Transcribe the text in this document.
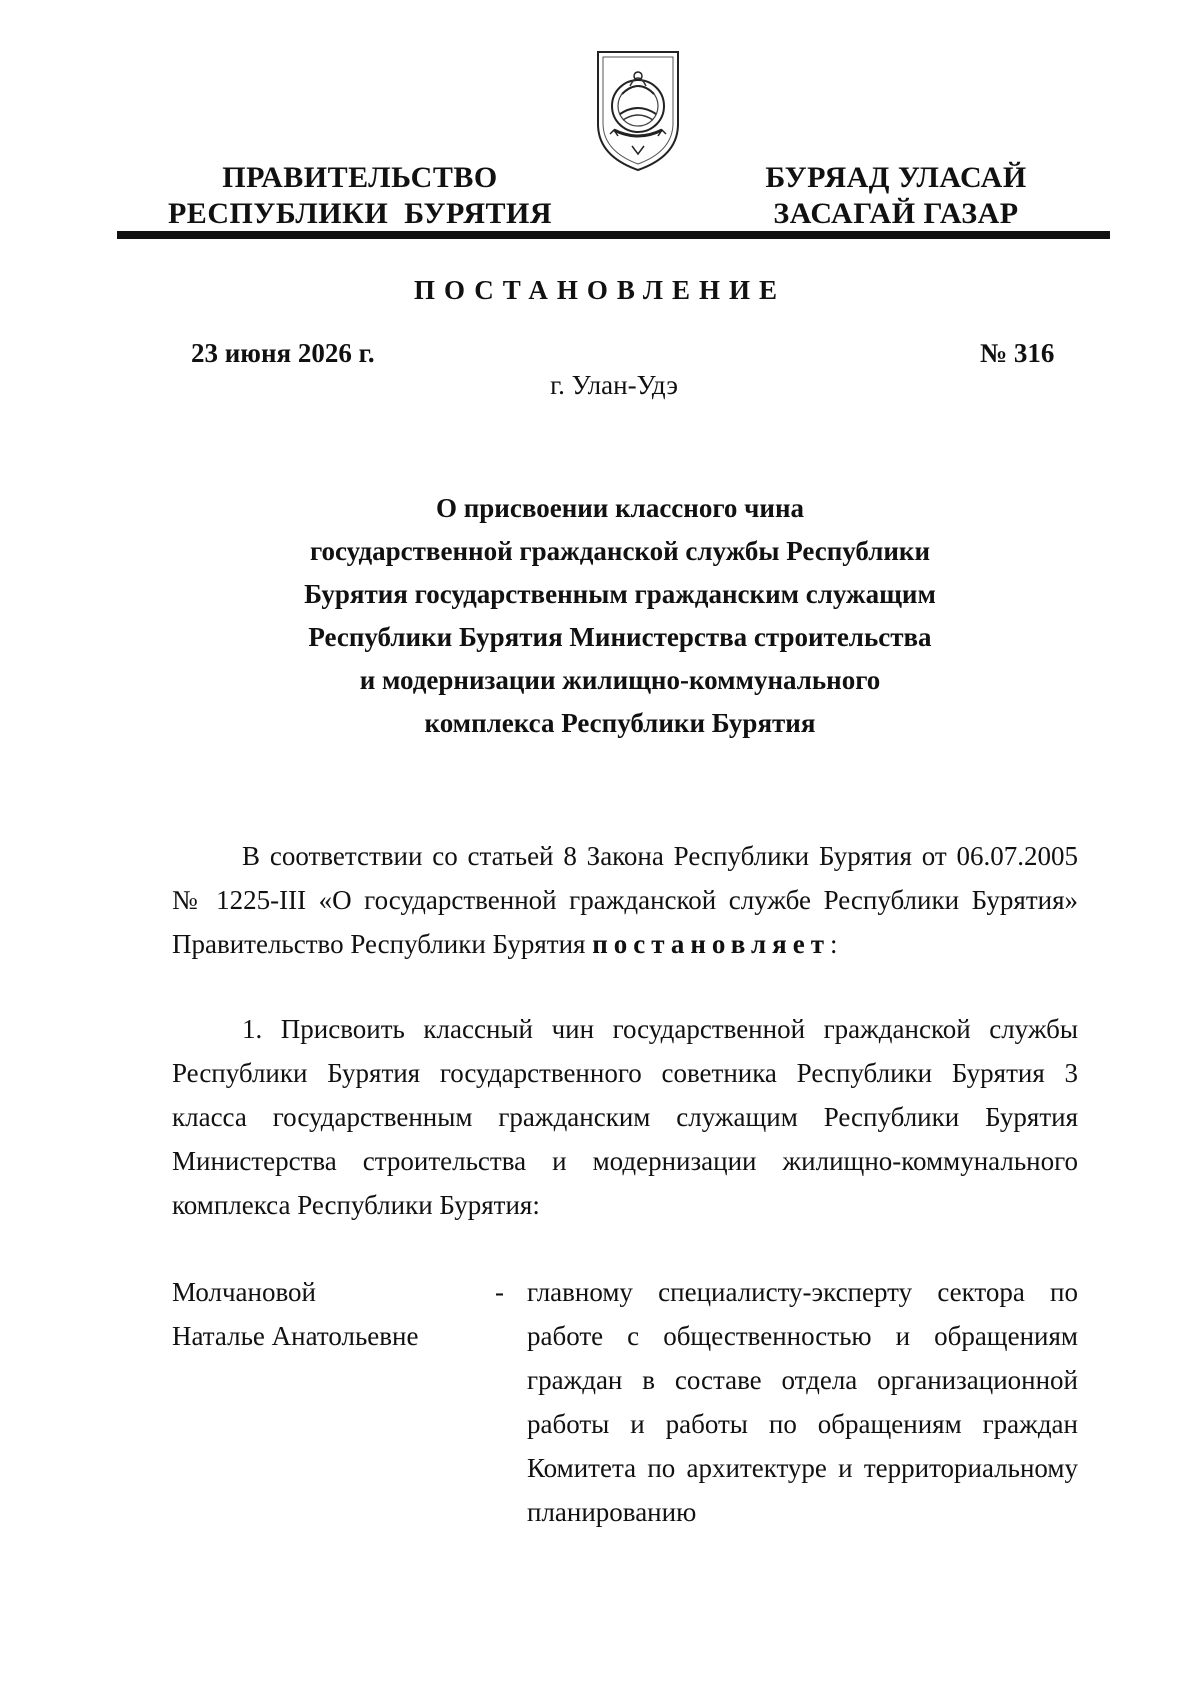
ПРАВИТЕЛЬСТВО
РЕСПУБЛИКИ  БУРЯТИЯ
БУРЯАД УЛАСАЙ
ЗАСАГАЙ ГАЗАР
ПОСТАНОВЛЕНИЕ
23 июня 2026 г.	№ 316
г. Улан-Удэ
О присвоении классного чина
государственной гражданской службы Республики
Бурятия государственным гражданским служащим
Республики Бурятия Министерства строительства
и модернизации жилищно-коммунального
комплекса Республики Бурятия
В соответствии со статьей 8 Закона Республики Бурятия от 06.07.2005 № 1225-III «О государственной гражданской службе Республики Бурятия» Правительство Республики Бурятия постановляет:
1. Присвоить классный чин государственной гражданской службы Республики Бурятия государственного советника Республики Бурятия 3 класса государственным гражданским служащим Республики Бурятия Министерства строительства и модернизации жилищно-коммунального комплекса Республики Бурятия:
Молчановой
Наталье Анатольевне
- главному специалисту-эксперту сектора по работе с общественностью и обращениям граждан в составе отдела организационной работы и работы по обращениям граждан Комитета по архитектуре и территориальному планированию
